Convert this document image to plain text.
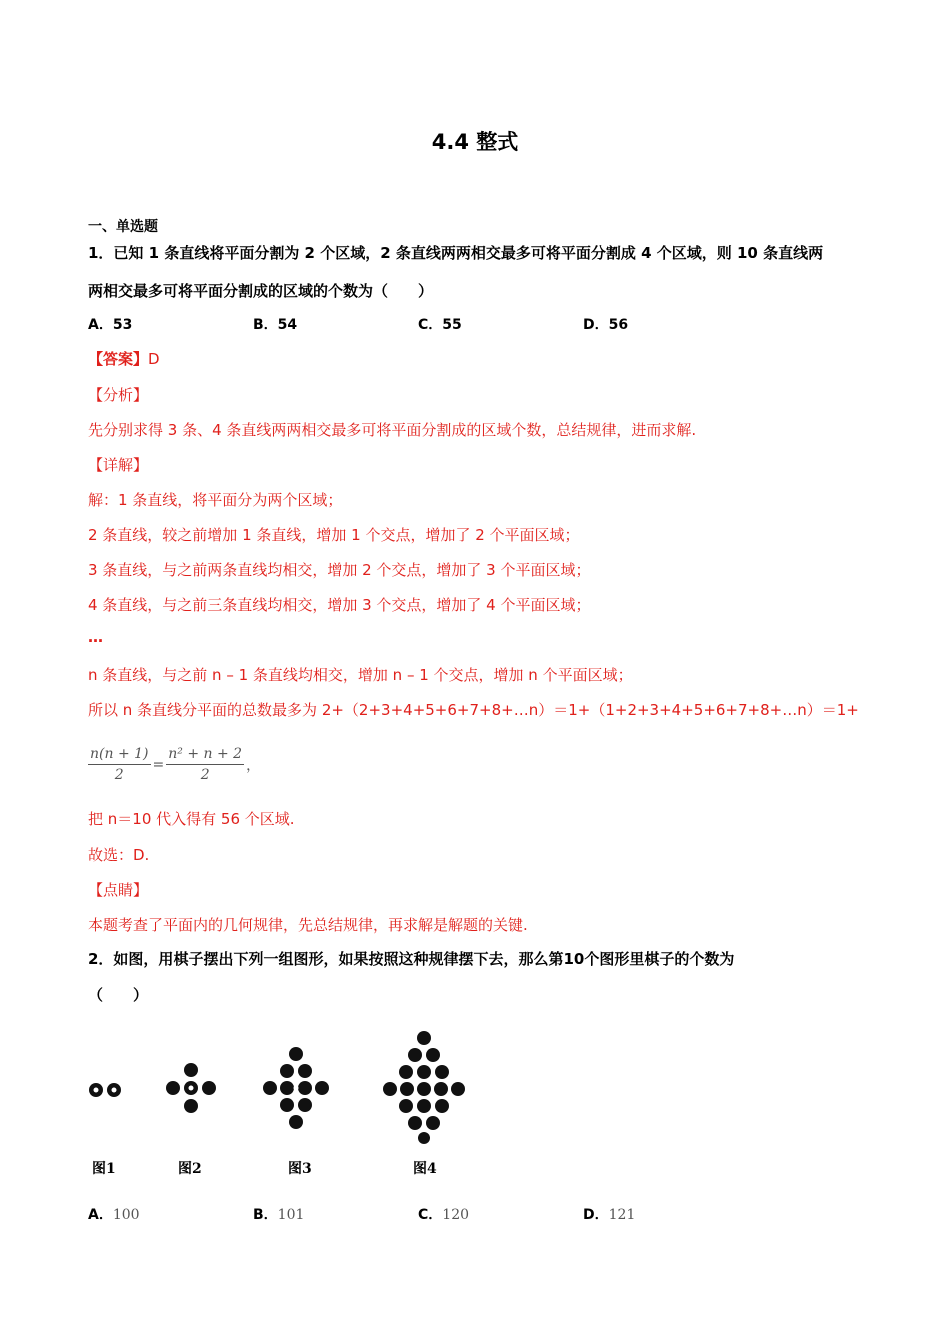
4.4 整式
一、单选题
1．已知 1 条直线将平面分割为 2 个区域，2 条直线两两相交最多可将平面分割成 4 个区域，则 10 条直线两
两相交最多可将平面分割成的区域的个数为（　　）
A．53	B．54	C．55	D．56
【答案】D
【分析】
先分别求得 3 条、4 条直线两两相交最多可将平面分割成的区域个数，总结规律，进而求解.
【详解】
解：1 条直线，将平面分为两个区域；
2 条直线，较之前增加 1 条直线，增加 1 个交点，增加了 2 个平面区域；
3 条直线，与之前两条直线均相交，增加 2 个交点，增加了 3 个平面区域；
4 条直线，与之前三条直线均相交，增加 3 个交点，增加了 4 个平面区域；
…
n 条直线，与之前 n – 1 条直线均相交，增加 n – 1 个交点，增加 n 个平面区域；
所以 n 条直线分平面的总数最多为 2+（2+3+4+5+6+7+8+…n）＝1+（1+2+3+4+5+6+7+8+…n）＝1+
$\frac{n(n + 1)}{2} = \frac{\text{n² + n + 2}}{2}$ ，
把 n＝10 代入得有 56 个区域.
故选：D.
【点睛】
本题考查了平面内的几何规律，先总结规律，再求解是解题的关键.
2．如图，用棋子摆出下列一组图形，如果按照这种规律摆下去，那么第10个图形里棋子的个数为
（　　）
图1	图2	图3	图4
A．100	B．101	C．120	D．121
